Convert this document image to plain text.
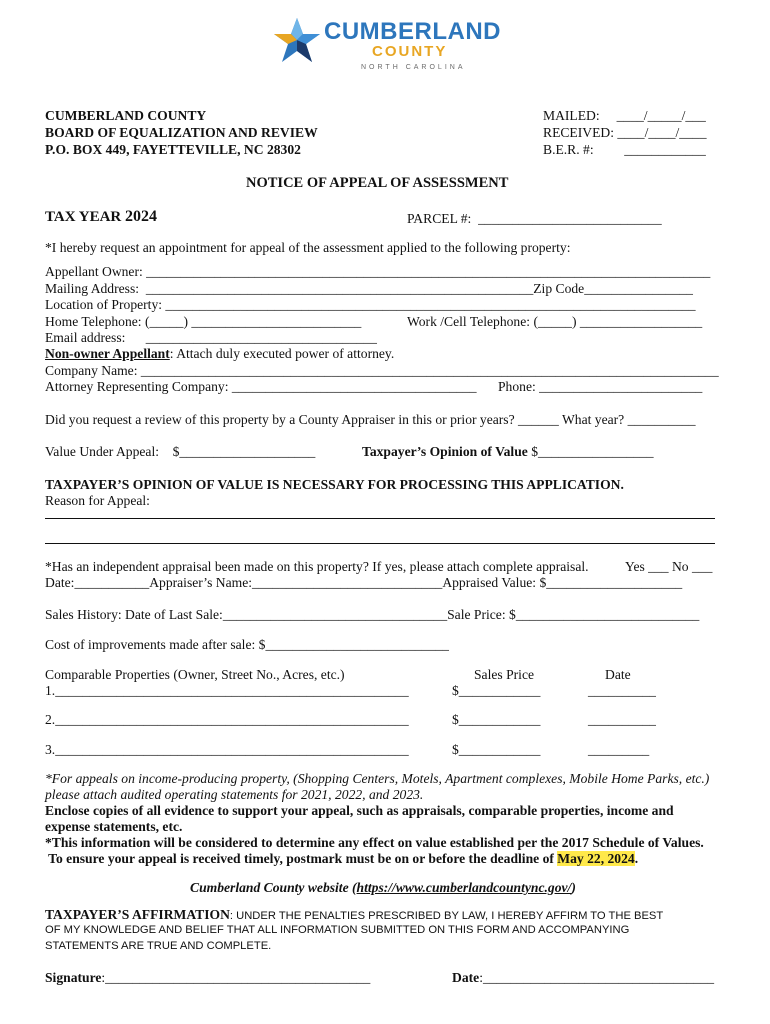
CUMBERLAND
COUNTY
NORTH CAROLINA
CUMBERLAND COUNTY
BOARD OF EQUALIZATION AND REVIEW
P.O. BOX 449, FAYETTEVILLE, NC 28302
MAILED:     ____/_____/___
RECEIVED: ____/____/____
B.E.R. #:         ____________
NOTICE OF APPEAL OF ASSESSMENT
TAX YEAR 2024	PARCEL #:  ___________________________
*I hereby request an appointment for appeal of the assessment applied to the following property:
Appellant Owner: ___________________________________________________________________________________
Mailing Address:  _________________________________________________________Zip Code________________
Location of Property: ______________________________________________________________________________
Home Telephone: (_____) _________________________	Work /Cell Telephone: (_____) __________________
Email address:      __________________________________
Non-owner Appellant: Attach duly executed power of attorney.
Company Name: _____________________________________________________________________________________
Attorney Representing Company: ____________________________________ Phone: ________________________
Did you request a review of this property by a County Appraiser in this or prior years? ______ What year? __________
Value Under Appeal:    $____________________	Taxpayer’s Opinion of Value $_________________
TAXPAYER’S OPINION OF VALUE IS NECESSARY FOR PROCESSING THIS APPLICATION.
Reason for Appeal:
*Has an independent appraisal been made on this property? If yes, please attach complete appraisal.	Yes ___ No ___
Date:___________Appraiser’s Name:____________________________Appraised Value: $____________________
Sales History: Date of Last Sale:_________________________________Sale Price: $___________________________
Cost of improvements made after sale: $___________________________
Comparable Properties (Owner, Street No., Acres, etc.)	Sales Price	Date
1.____________________________________________________	$____________	__________
2.____________________________________________________	$____________	__________
3.____________________________________________________	$____________	_________
*For appeals on income-producing property, (Shopping Centers, Motels, Apartment complexes, Mobile Home Parks, etc.)
please attach audited operating statements for 2021, 2022, and 2023.
Enclose copies of all evidence to support your appeal, such as appraisals, comparable properties, income and
expense statements, etc.
*This information will be considered to determine any effect on value established per the 2017 Schedule of Values.
To ensure your appeal is received timely, postmark must be on or before the deadline of May 22, 2024.
Cumberland County website (https://www.cumberlandcountync.gov/)
TAXPAYER’S AFFIRMATION: UNDER THE PENALTIES PRESCRIBED BY LAW, I HEREBY AFFIRM TO THE BEST
OF MY KNOWLEDGE AND BELIEF THAT ALL INFORMATION SUBMITTED ON THIS FORM AND ACCOMPANYING
STATEMENTS ARE TRUE AND COMPLETE.
Signature:_______________________________________	Date:__________________________________
